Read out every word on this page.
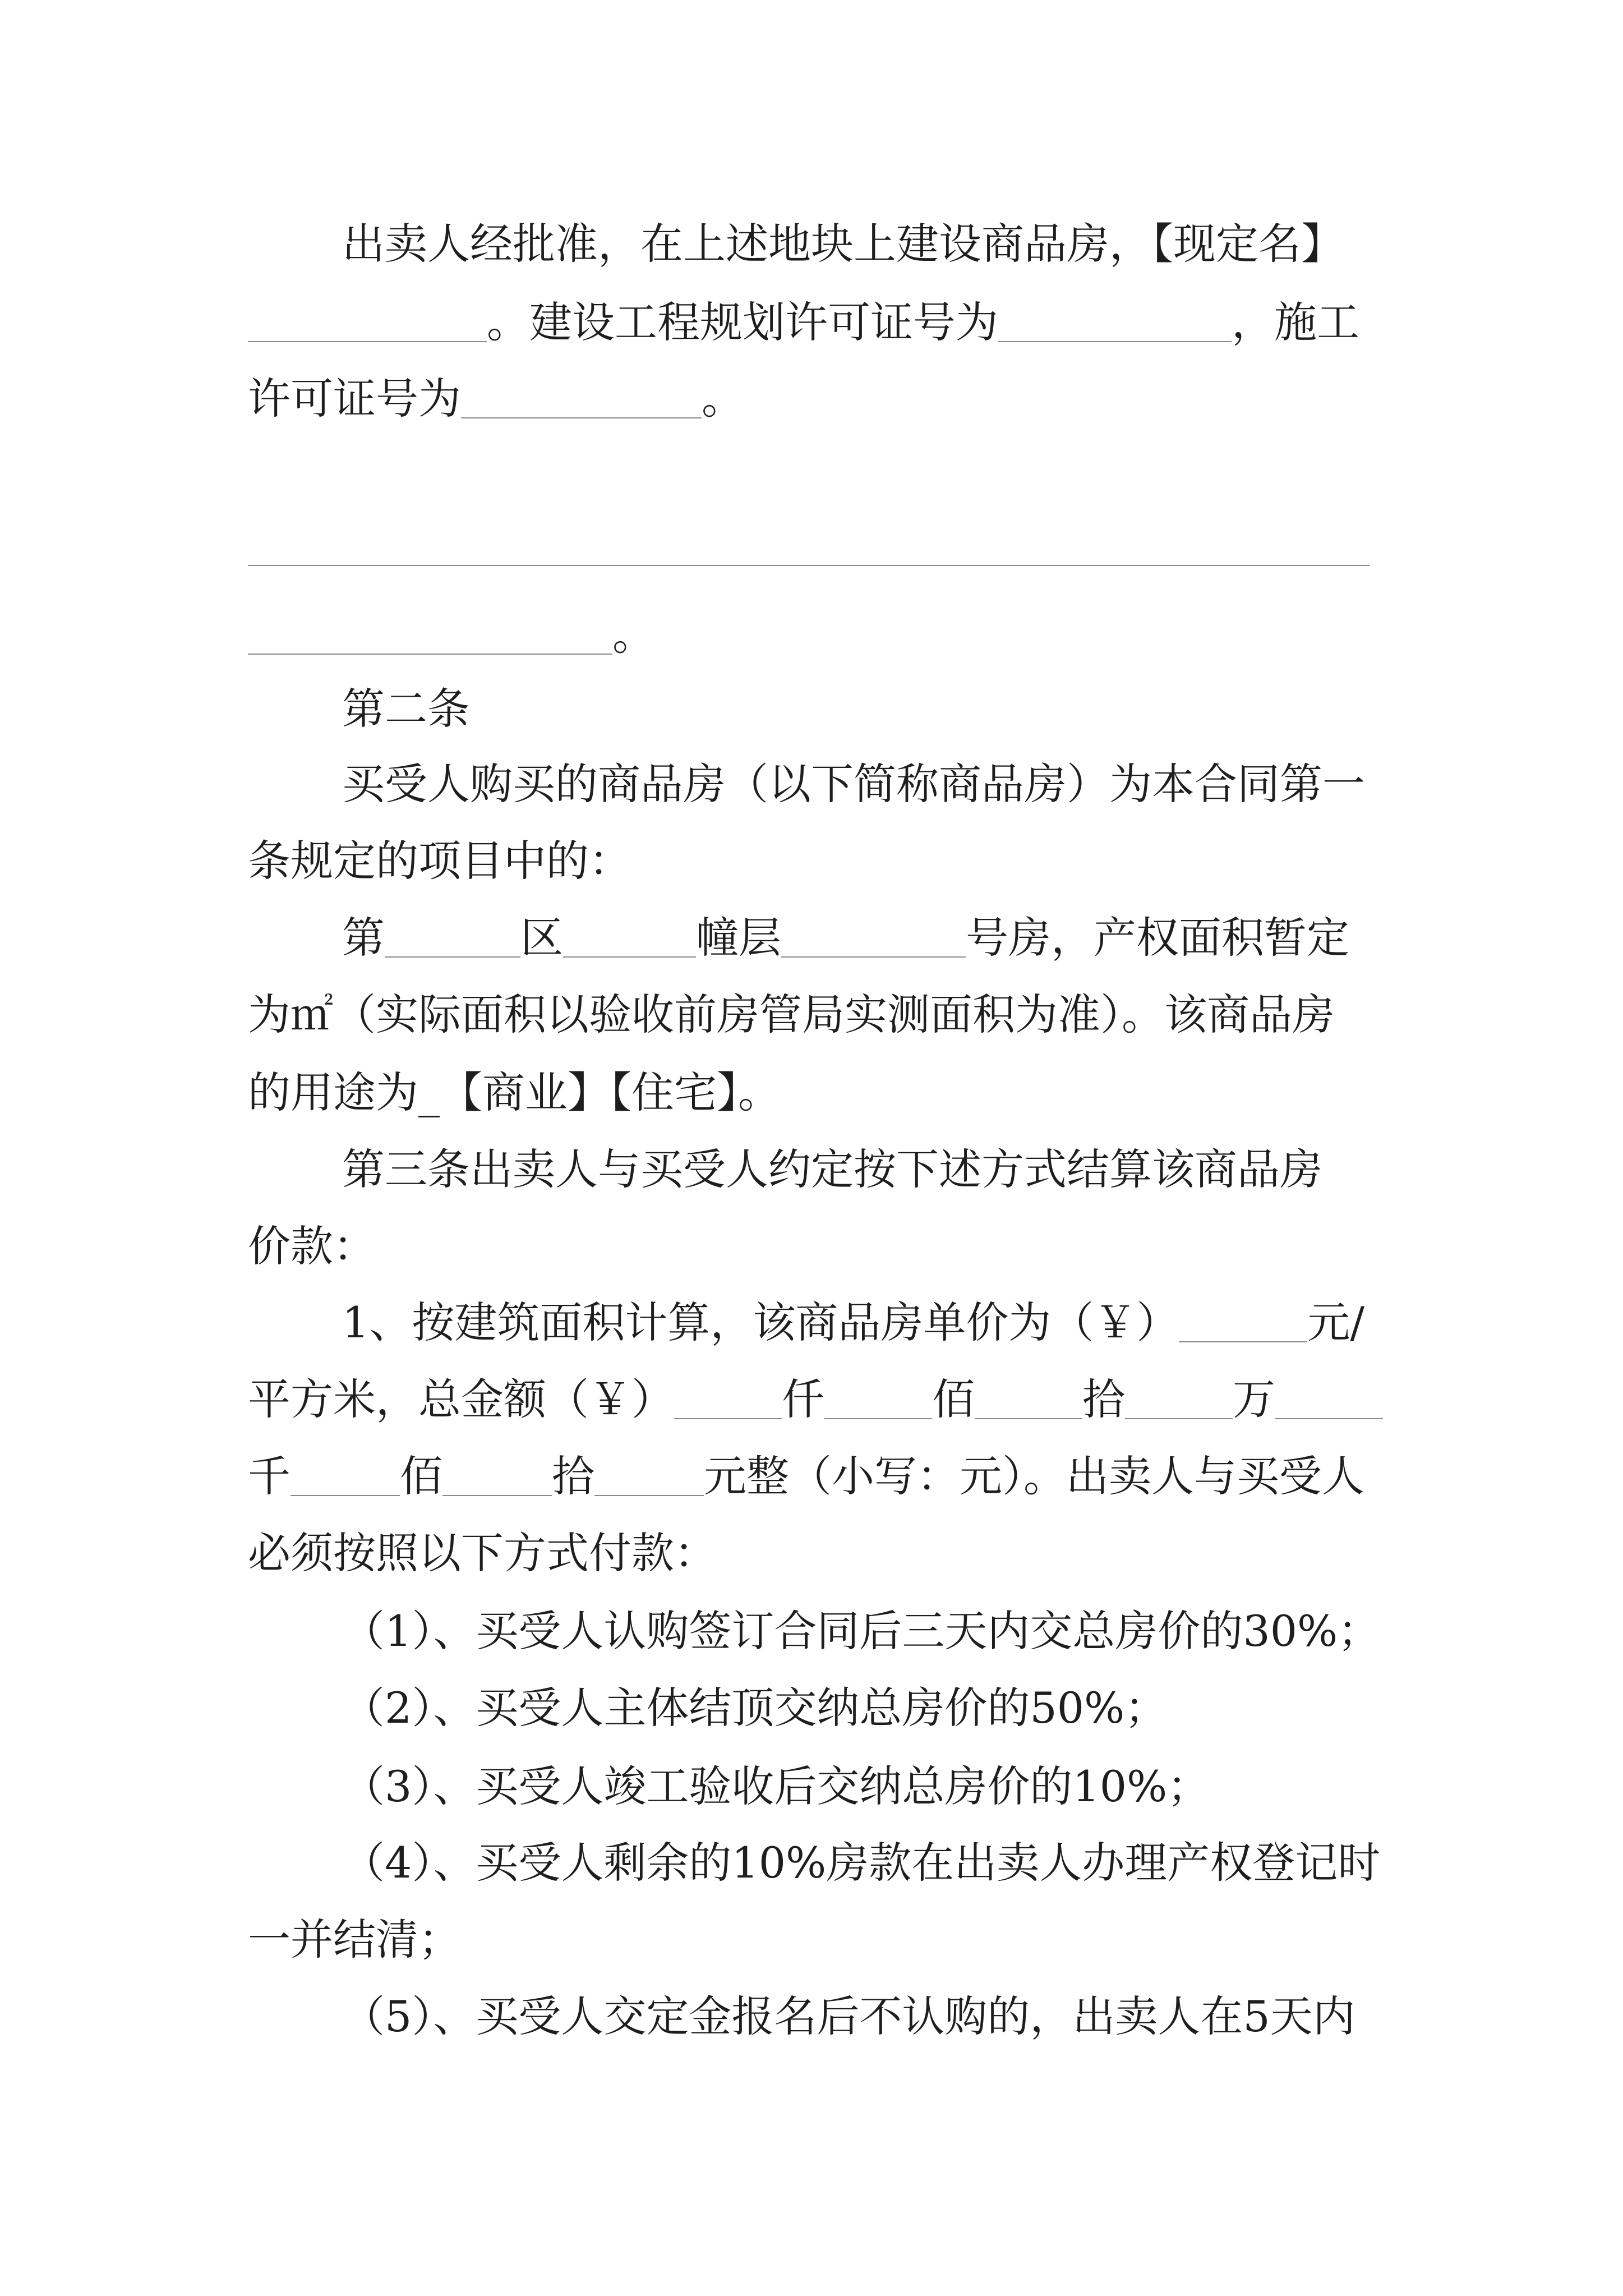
出卖人经批准，在上述地块上建设商品房，【现定名】
。建设工程规划许可证号为	，施工
许可证号为	。
。
第二条
买受人购买的商品房（以下简称商品房）为本合同第一
条规定的项目中的：
第	区	幢层	号房，产权面积暂定
为㎡（实际面积以验收前房管局实测面积为准）。该商品房
的用途为_【商业】【住宅】。
第三条出卖人与买受人约定按下述方式结算该商品房
价款：
1、按建筑面积计算，该商品房单价为（￥）	元/
平方米，总金额（￥）	仟	佰	拾	万
千	佰	拾	元整（小写：元）。出卖人与买受人
必须按照以下方式付款：
（1）、买受人认购签订合同后三天内交总房价的30%；
（2）、买受人主体结顶交纳总房价的50%；
（3）、买受人竣工验收后交纳总房价的10%；
（4）、买受人剩余的10%房款在出卖人办理产权登记时
一并结清；
（5）、买受人交定金报名后不认购的，出卖人在5天内
